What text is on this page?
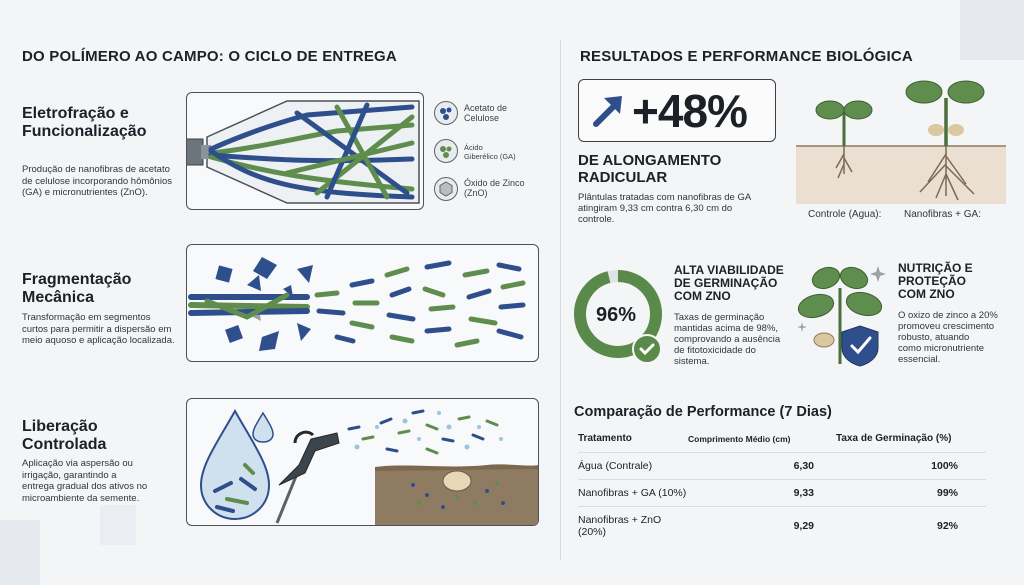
DO POLÍMERO AO CAMPO: O CICLO DE ENTREGA
Eletrofração e
Funcionalização
Produção de nanofibras de acetato
de celulose incorporando hômônios
(GA) e micronutrientes (ZnO).
Acetato de
Celulose
Ácido
Giberélico (GA)
Óxido de Zinco
(ZnO)
Fragmentação
Mecânica
Transformação em segmentos
curtos para permitir a dispersão em
meio aquoso e aplicação localizada.
Liberação
Controlada
Aplicação via aspersão ou
irrigação, garantindo a
entrega gradual dos ativos no
microambiente da semente.
RESULTADOS E PERFORMANCE BIOLÓGICA
+48%
DE ALONGAMENTO
RADICULAR
Plântulas tratadas com nanofibras de GA
atingiram 9,33 cm contra 6,30 cm do
controle.	Controle (Agua): Nanofibras + GA:
96%
ALTA VIABILIDADE
DE GERMINAÇÃO
COM ZNO
Taxas de germinação
mantidas acima de 98%,
comprovando a ausência
de fitotoxicidade do
sistema.
NUTRIÇÃO E
PROTEÇÃO
COM ZNO
O oxizo de zinco a 20%
promoveu crescimento
robusto, atuando
como micronutriente
essencial.
Comparação de Performance (7 Dias)
Tratamento	Comprimento Médio (cm)	Taxa de Germinação (%)
Água (Contrale)	6,30	100%
Nanofibras + GA (10%)	9,33	99%
Nanofibras + ZnO (20%)	9,29	92%
